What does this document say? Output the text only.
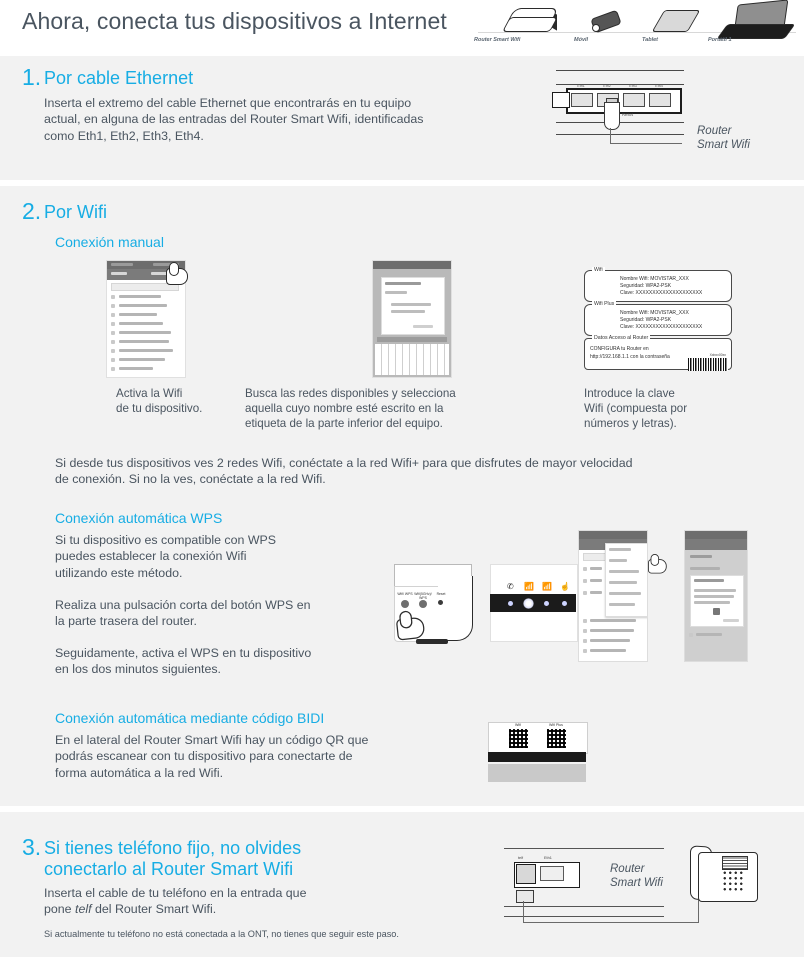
Ahora, conecta tus dispositivos a Internet
Router Smart Wifi	Móvil	Tablet	Portátil 1
1. Por cable Ethernet
Inserta el extremo del cable Ethernet que encontrarás en tu equipo
actual, en alguna de las entradas del Router Smart Wifi, identificadas
como Eth1, Eth2, Eth3, Eth4.
Eth1	Eth2	Eth3	Eth4
Reset
Router
Smart Wifi
2. Por Wifi
Conexión manual
Wifi
Nombre Wifi: MOVISTAR_XXX
Seguridad: WPA2-PSK
Clave: XXXXXXXXXXXXXXXXXXXX
Wifi Plus
Nombre Wifi: MOVISTAR_XXX
Seguridad: WPA2-PSK
Clave: XXXXXXXXXXXXXXXXXXXX
Datos Acceso al Router
CONFIGURA tu Router en
http://192.168.1.1 con la contraseña	Xxbxx00xx
Activa la Wifi
de tu dispositivo.
Busca las redes disponibles y selecciona
aquella cuyo nombre esté escrito en la
etiqueta de la parte inferior del equipo.
Introduce la clave
Wifi (compuesta por
números y letras).
Si desde tus dispositivos ves 2 redes Wifi, conéctate a la red Wifi+ para que disfrutes de mayor velocidad
de conexión. Si no la ves, conéctate a la red Wifi.
Conexión automática WPS
Si tu dispositivo es compatible con WPS
puedes establecer la conexión Wifi
utilizando este método.
Realiza una pulsación corta del botón WPS en
la parte trasera del router.
Seguidamente, activa el WPS en tu dispositivo
en los dos minutos siguientes.
Wifi/ WPS Wifi(5GHz)/ WPS
Reset
✆ 📶 📶 ☝
Conexión automática mediante código BIDI
En el lateral del Router Smart Wifi hay un código QR que
podrás escanear con tu dispositivo para conectarte de
forma automática a la red Wifi.
Wifi	Wifi Plus
3. Si tienes teléfono fijo, no olvides
conectarlo al Router Smart Wifi
Inserta el cable de tu teléfono en la entrada que
pone telf del Router Smart Wifi.
Si actualmente tu teléfono no está conectada a la ONT, no tienes que seguir este paso.
telf	Eth1
Router
Smart Wifi
